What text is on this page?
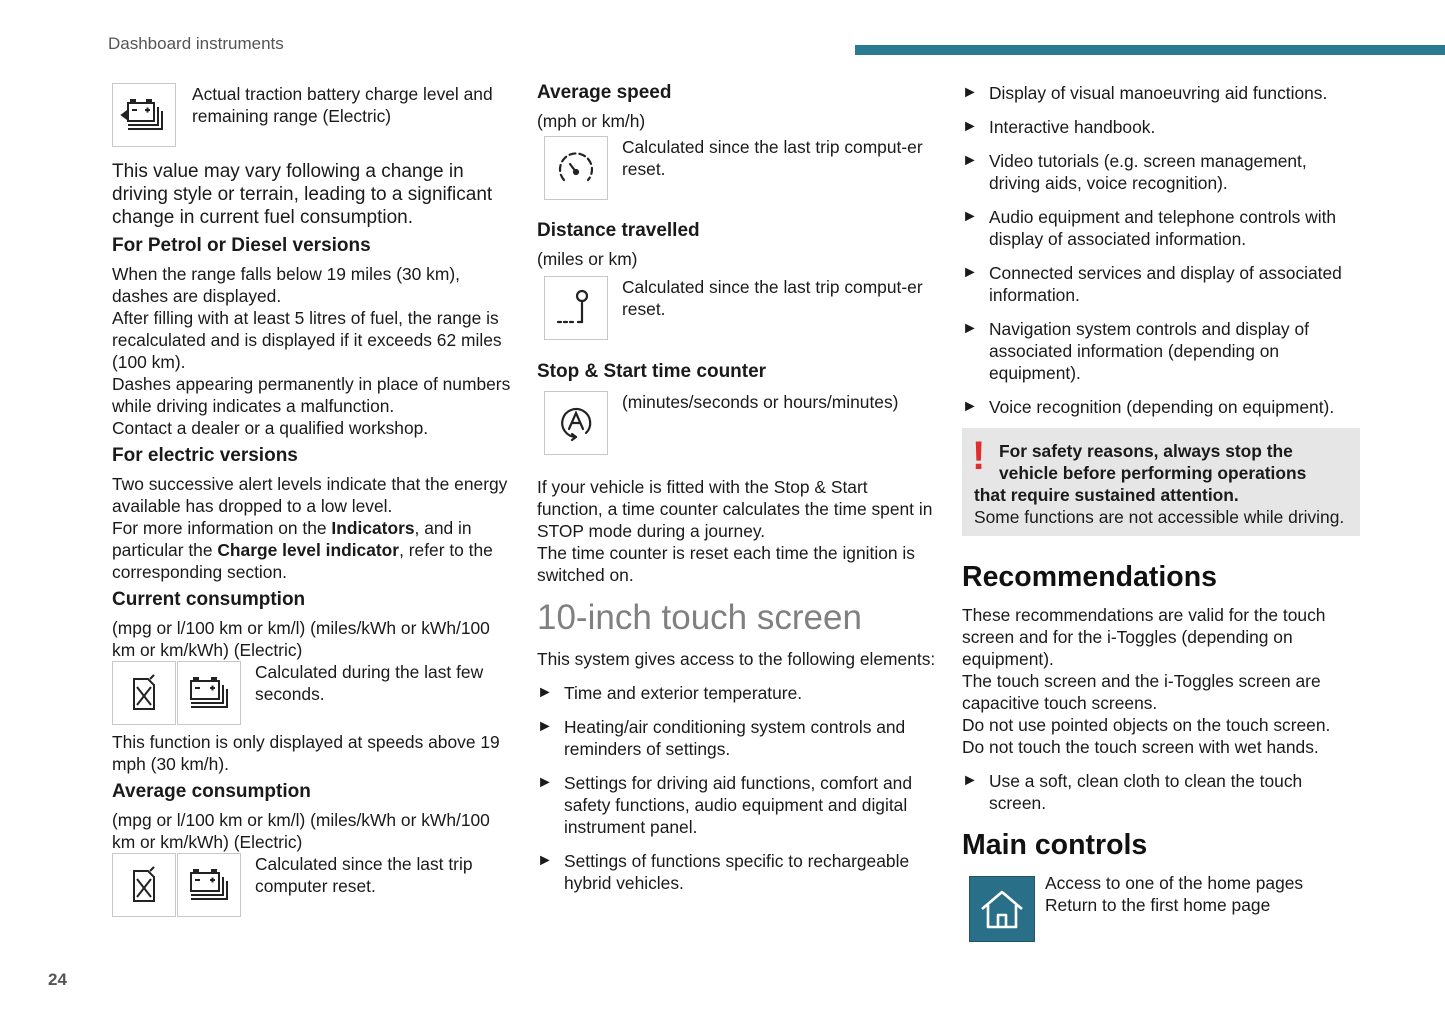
Dashboard instruments
24
Actual traction battery charge level and remaining range (Electric)

This value may vary following a change in driving style or terrain, leading to a significant change in current fuel consumption.

For Petrol or Diesel versions

When the range falls below 19 miles (30 km), dashes are displayed.

After filling with at least 5 litres of fuel, the range is recalculated and is displayed if it exceeds 62 miles (100 km).

Dashes appearing permanently in place of numbers while driving indicates a malfunction.

Contact a dealer or a qualified workshop.

For electric versions

Two successive alert levels indicate that the energy available has dropped to a low level.

For more information on the Indicators, and in particular the Charge level indicator, refer to the corresponding section.

Current consumption

(mpg or l/100 km or km/l) (miles/kWh or kWh/100 km or km/kWh) (Electric)

Calculated during the last few seconds.

This function is only displayed at speeds above 19 mph (30 km/h).

Average consumption

(mpg or l/100 km or km/l) (miles/kWh or kWh/100 km or km/kWh) (Electric)

Calculated since the last trip computer reset.

Average speed

(mph or km/h)

Calculated since the last trip comput-er reset.

Distance travelled

(miles or km)

Calculated since the last trip comput-er reset.

Stop & Start time counter

(minutes/seconds or hours/minutes)

If your vehicle is fitted with the Stop & Start function, a time counter calculates the time spent in STOP mode during a journey.

The time counter is reset each time the ignition is switched on.

10-inch touch screen

This system gives access to the following elements:

► Time and exterior temperature.
► Heating/air conditioning system controls and reminders of settings.
► Settings for driving aid functions, comfort and safety functions, audio equipment and digital instrument panel.
► Settings of functions specific to rechargeable hybrid vehicles.
► Display of visual manoeuvring aid functions.
► Interactive handbook.
► Video tutorials (e.g. screen management, driving aids, voice recognition).
► Audio equipment and telephone controls with display of associated information.
► Connected services and display of associated information.
► Navigation system controls and display of associated information (depending on equipment).
► Voice recognition (depending on equipment).
! For safety reasons, always stop the vehicle before performing operations

that require sustained attention.

Some functions are not accessible while driving.

Recommendations

These recommendations are valid for the touch screen and for the i-Toggles (depending on equipment).

The touch screen and the i-Toggles screen are capacitive touch screens.

Do not use pointed objects on the touch screen.

Do not touch the touch screen with wet hands.

► Use a soft, clean cloth to clean the touch screen.

Main controls

Access to one of the home pages

Return to the first home page
